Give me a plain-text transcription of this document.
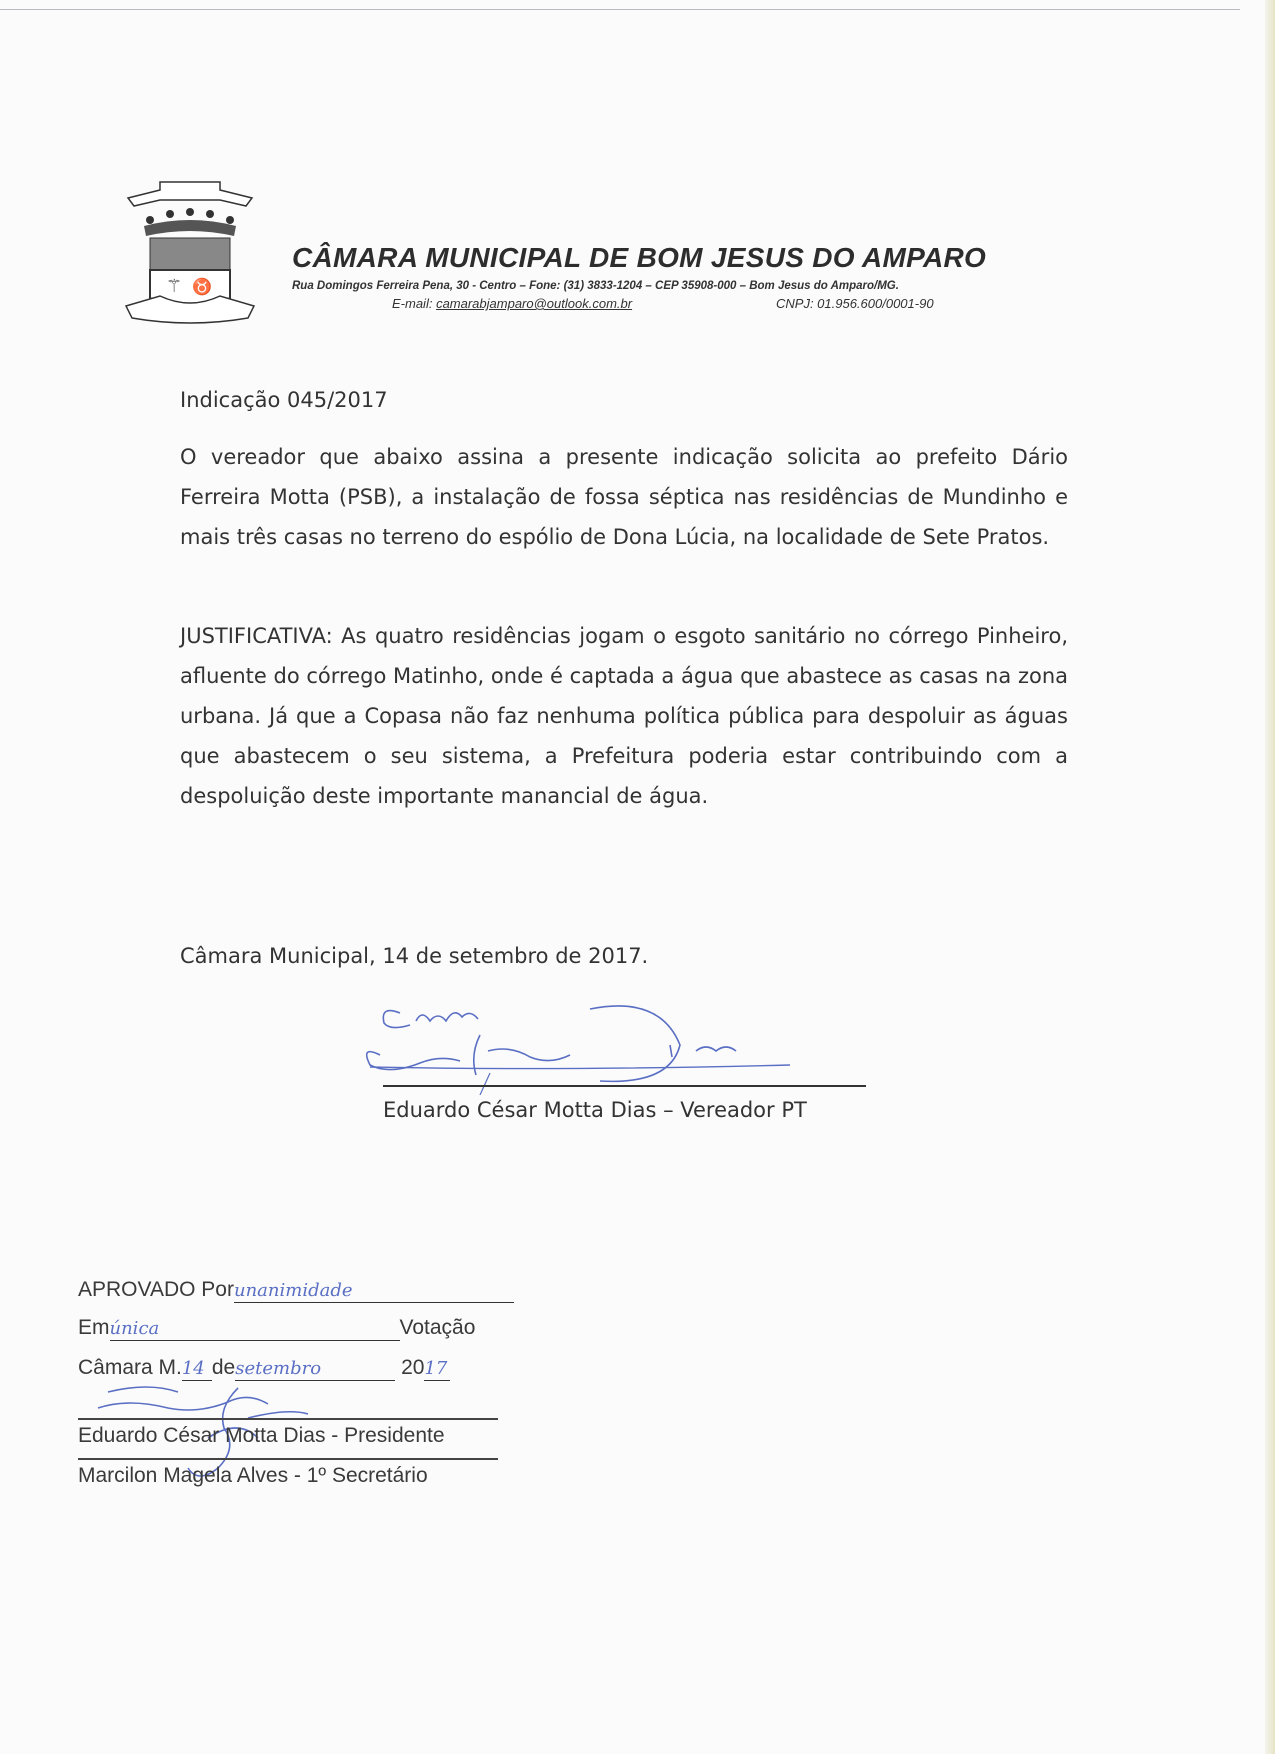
⚚ ♉
CÂMARA MUNICIPAL DE BOM JESUS DO AMPARO
Rua Domingos Ferreira Pena, 30 - Centro – Fone: (31) 3833-1204 – CEP 35908-000 – Bom Jesus do Amparo/MG.
E-mail: camarabjamparo@outlook.com.br	CNPJ: 01.956.600/0001-90
Indicação 045/2017
O vereador que abaixo assina a presente indicação solicita ao prefeito Dário Ferreira Motta (PSB), a instalação de fossa séptica nas residências de Mundinho e mais três casas no terreno do espólio de Dona Lúcia, na localidade de Sete Pratos.
JUSTIFICATIVA: As quatro residências jogam o esgoto sanitário no córrego Pinheiro, afluente do córrego Matinho, onde é captada a água que abastece as casas na zona urbana. Já que a Copasa não faz nenhuma política pública para despoluir as águas que abastecem o seu sistema, a Prefeitura poderia estar contribuindo com a despoluição deste importante manancial de água.
Câmara Municipal, 14 de setembro de 2017.
Eduardo César Motta Dias – Vereador PT
APROVADO Porunanimidade
Emúnica	Votação
Câmara M.14 desetembro	2017
Eduardo César Motta Dias - Presidente
Marcilon Magela Alves - 1º Secretário
